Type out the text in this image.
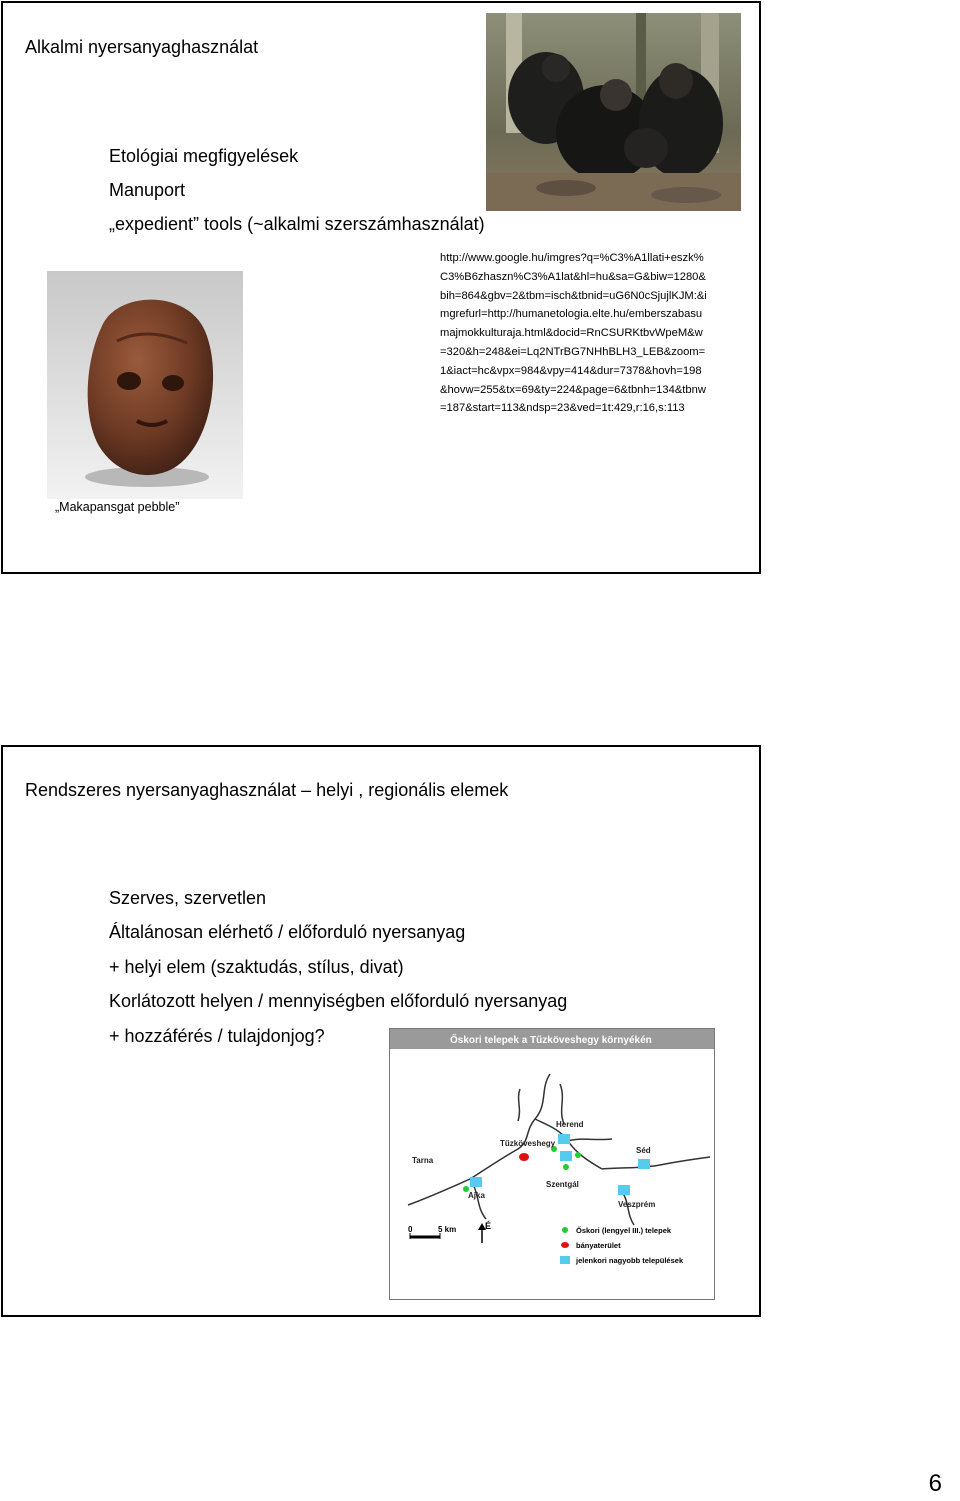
Alkalmi nyersanyaghasználat
Etológiai megfigyelések
Manuport
„expedient” tools (~alkalmi szerszámhasználat)
http://www.google.hu/imgres?q=%C3%A1llati+eszk%
C3%B6zhaszn%C3%A1lat&hl=hu&sa=G&biw=1280&
bih=864&gbv=2&tbm=isch&tbnid=uG6N0cSjujlKJM:&i
mgrefurl=http://humanetologia.elte.hu/emberszabasu
majmokkulturaja.html&docid=RnCSURKtbvWpeM&w
=320&h=248&ei=Lq2NTrBG7NHhBLH3_LEB&zoom=
1&iact=hc&vpx=984&vpy=414&dur=7378&hovh=198
&hovw=255&tx=69&ty=224&page=6&tbnh=134&tbnw
=187&start=113&ndsp=23&ved=1t:429,r:16,s:113
„Makapansgat pebble”
Rendszeres nyersanyaghasználat – helyi , regionális elemek
Szerves, szervetlen
Általánosan elérhető / előforduló nyersanyag
+ helyi elem (szaktudás, stílus, divat)
Korlátozott helyen / mennyiségben előforduló nyersanyag
+ hozzáférés / tulajdonjog?	Őskori telepek a Tűzköveshegy környékén
Herend
Tűzköveshegy
Séd
Tarna
Ajka
Szentgál
Veszprém
0	5 km	É	Őskori (lengyel III.) telepek
bányaterület
jelenkori nagyobb települések
6
